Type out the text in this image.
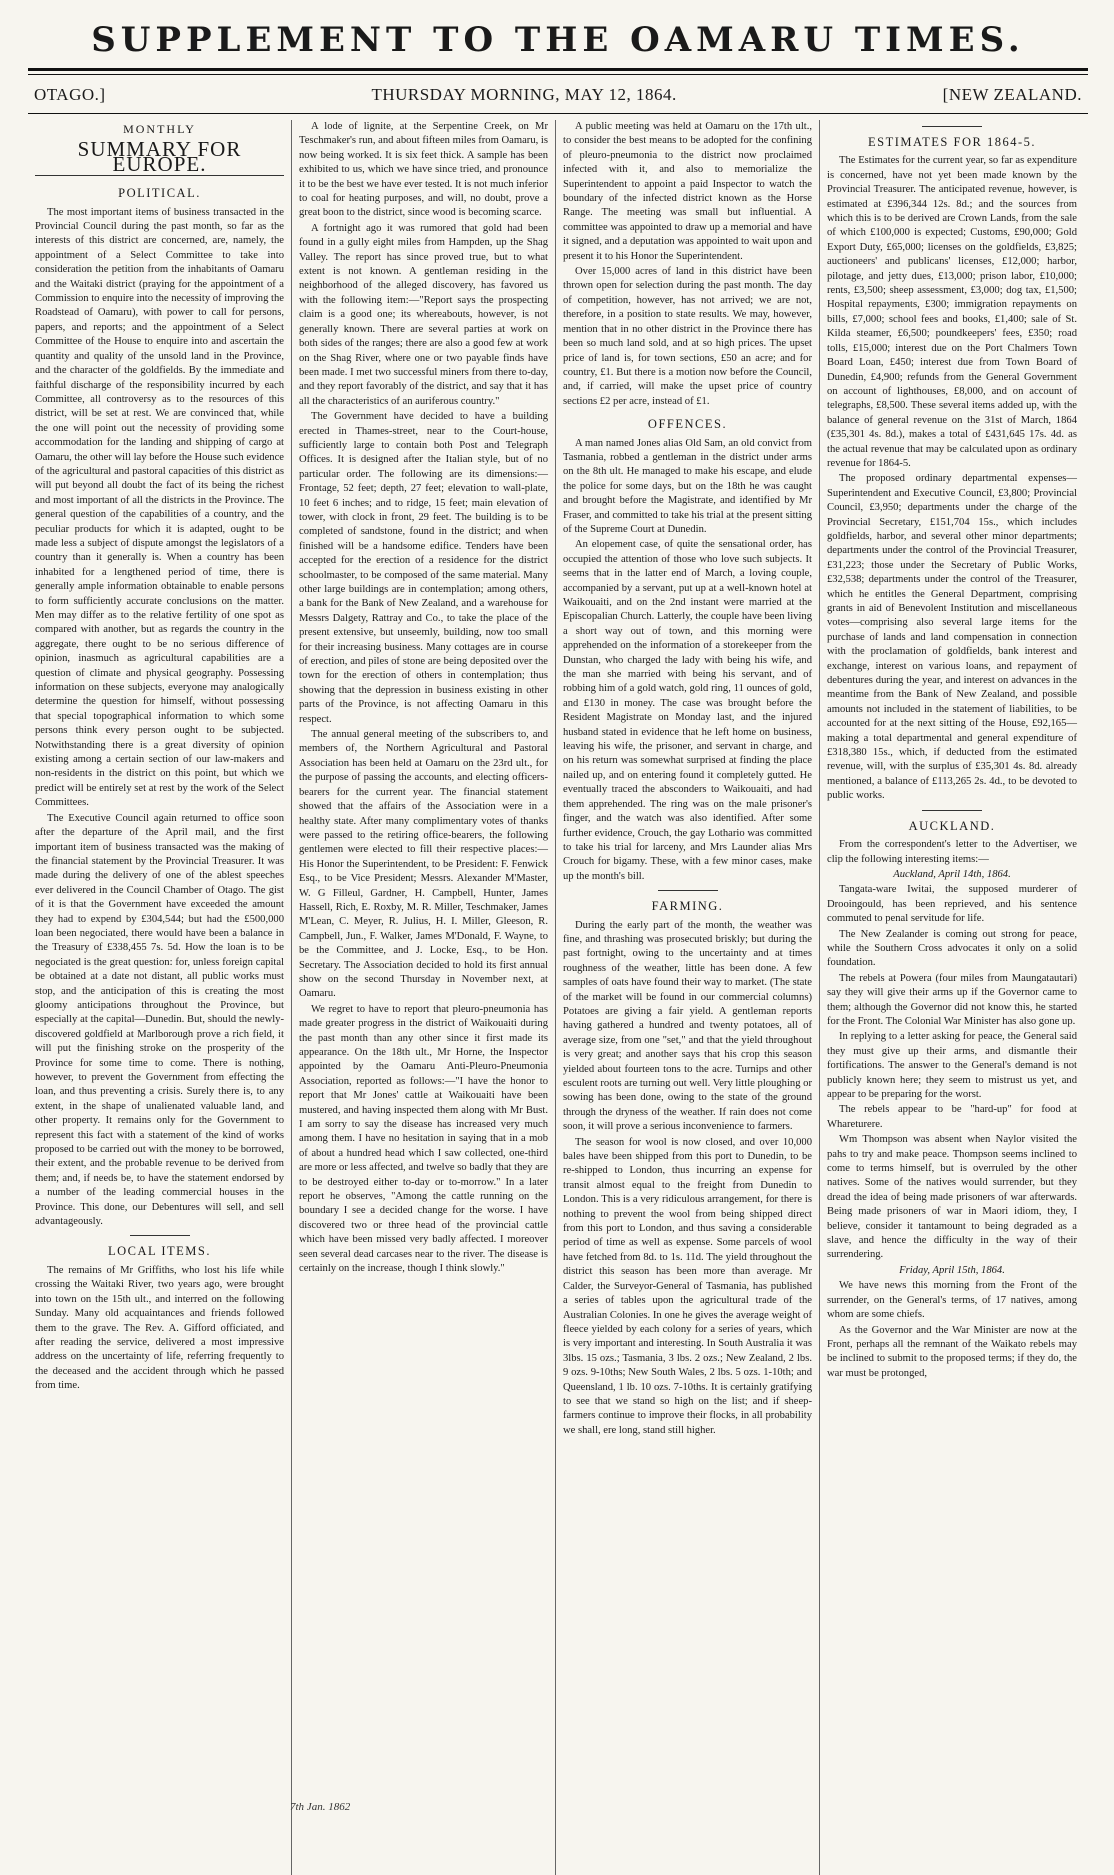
SUPPLEMENT TO THE OAMARU TIMES.
OTAGO.]	THURSDAY MORNING, MAY 12, 1864.	[NEW ZEALAND.
MONTHLY
SUMMARY FOR EUROPE.
POLITICAL.

The most important items of business transacted in the Provincial Council during the past month, so far as the interests of this district are concerned, are, namely, the appointment of a Select Committee to take into consideration the petition from the inhabitants of Oamaru and the Waitaki district (praying for the appointment of a Commission to enquire into the necessity of improving the Roadstead of Oamaru), with power to call for persons, papers, and reports; and the appointment of a Select Committee of the House to enquire into and ascertain the quantity and quality of the unsold land in the Province, and the character of the goldfields. By the immediate and faithful discharge of the responsibility incurred by each Committee, all controversy as to the resources of this district, will be set at rest. We are convinced that, while the one will point out the necessity of providing some accommodation for the landing and shipping of cargo at Oamaru, the other will lay before the House such evidence of the agricultural and pastoral capacities of this district as will put beyond all doubt the fact of its being the richest and most important of all the districts in the Province. The general question of the capabilities of a country, and the peculiar products for which it is adapted, ought to be made less a subject of dispute amongst the legislators of a country than it generally is. When a country has been inhabited for a lengthened period of time, there is generally ample information obtainable to enable persons to form sufficiently accurate conclusions on the matter. Men may differ as to the relative fertility of one spot as compared with another, but as regards the country in the aggregate, there ought to be no serious difference of opinion, inasmuch as agricultural capabilities are a question of climate and physical geography. Possessing information on these subjects, everyone may analogically determine the question for himself, without possessing that special topographical information to which some persons think every person ought to be subjected. Notwithstanding there is a great diversity of opinion existing among a certain section of our law-makers and non-residents in the district on this point, but which we predict will be entirely set at rest by the work of the Select Committees.

The Executive Council again returned to office soon after the departure of the April mail, and the first important item of business transacted was the making of the financial statement by the Provincial Treasurer. It was made during the delivery of one of the ablest speeches ever delivered in the Council Chamber of Otago. The gist of it is that the Government have exceeded the amount they had to expend by £304,544; but had the £500,000 loan been negociated, there would have been a balance in the Treasury of £338,455 7s. 5d. How the loan is to be negociated is the great question: for, unless foreign capital be obtained at a date not distant, all public works must stop, and the anticipation of this is creating the most gloomy anticipations throughout the Province, but especially at the capital—Dunedin. But, should the newly-discovered goldfield at Marlborough prove a rich field, it will put the finishing stroke on the prosperity of the Province for some time to come. There is nothing, however, to prevent the Government from effecting the loan, and thus preventing a crisis. Surely there is, to any extent, in the shape of unalienated valuable land, and other property. It remains only for the Government to represent this fact with a statement of the kind of works proposed to be carried out with the money to be borrowed, their extent, and the probable revenue to be derived from them; and, if needs be, to have the statement endorsed by a number of the leading commercial houses in the Province. This done, our Debentures will sell, and sell advantageously.

LOCAL ITEMS.

The remains of Mr Griffiths, who lost his life while crossing the Waitaki River, two years ago, were brought into town on the 15th ult., and interred on the following Sunday. Many old acquaintances and friends followed them to the grave. The Rev. A. Gifford officiated, and after reading the service, delivered a most impressive address on the uncertainty of life, referring frequently to the deceased and the accident through which he passed from time.

A lode of lignite, at the Serpentine Creek, on Mr Teschmaker's run, and about fifteen miles from Oamaru, is now being worked. It is six feet thick. A sample has been exhibited to us, which we have since tried, and pronounce it to be the best we have ever tested. It is not much inferior to coal for heating purposes, and will, no doubt, prove a great boon to the district, since wood is becoming scarce.

A fortnight ago it was rumored that gold had been found in a gully eight miles from Hampden, up the Shag Valley. The report has since proved true, but to what extent is not known. A gentleman residing in the neighborhood of the alleged discovery, has favored us with the following item:—"Report says the prospecting claim is a good one; its whereabouts, however, is not generally known. There are several parties at work on both sides of the ranges; there are also a good few at work on the Shag River, where one or two payable finds have been made. I met two successful miners from there to-day, and they report favorably of the district, and say that it has all the characteristics of an auriferous country."

The Government have decided to have a building erected in Thames-street, near to the Court-house, sufficiently large to contain both Post and Telegraph Offices. It is designed after the Italian style, but of no particular order. The following are its dimensions:—Frontage, 52 feet; depth, 27 feet; elevation to wall-plate, 10 feet 6 inches; and to ridge, 15 feet; main elevation of tower, with clock in front, 29 feet. The building is to be completed of sandstone, found in the district; and when finished will be a handsome edifice. Tenders have been accepted for the erection of a residence for the district schoolmaster, to be composed of the same material. Many other large buildings are in contemplation; among others, a bank for the Bank of New Zealand, and a warehouse for Messrs Dalgety, Rattray and Co., to take the place of the present extensive, but unseemly, building, now too small for their increasing business. Many cottages are in course of erection, and piles of stone are being deposited over the town for the erection of others in contemplation; thus showing that the depression in business existing in other parts of the Province, is not affecting Oamaru in this respect.

The annual general meeting of the subscribers to, and members of, the Northern Agricultural and Pastoral Association has been held at Oamaru on the 23rd ult., for the purpose of passing the accounts, and electing officers-bearers for the current year. The financial statement showed that the affairs of the Association were in a healthy state. After many complimentary votes of thanks were passed to the retiring office-bearers, the following gentlemen were elected to fill their respective places:—His Honor the Superintendent, to be President: F. Fenwick Esq., to be Vice President; Messrs. Alexander M'Master, W. G Filleul, Gardner, H. Campbell, Hunter, James Hassell, Rich, E. Roxby, M. R. Miller, Teschmaker, James M'Lean, C. Meyer, R. Julius, H. I. Miller, Gleeson, R. Campbell, Jun., F. Walker, James M'Donald, F. Wayne, to be the Committee, and J. Locke, Esq., to be Hon. Secretary. The Association decided to hold its first annual show on the second Thursday in November next, at Oamaru.

We regret to have to report that pleuro-pneumonia has made greater progress in the district of Waikouaiti during the past month than any other since it first made its appearance. On the 18th ult., Mr Horne, the Inspector appointed by the Oamaru Anti-Pleuro-Pneumonia Association, reported as follows:—"I have the honor to report that Mr Jones' cattle at Waikouaiti have been mustered, and having inspected them along with Mr Bust. I am sorry to say the disease has increased very much among them. I have no hesitation in saying that in a mob of about a hundred head which I saw collected, one-third are more or less affected, and twelve so badly that they are to be destroyed either to-day or to-morrow." In a later report he observes, "Among the cattle running on the boundary I see a decided change for the worse. I have discovered two or three head of the provincial cattle which have been missed very badly affected. I moreover seen several dead carcases near to the river. The disease is certainly on the increase, though I think slowly."

A public meeting was held at Oamaru on the 17th ult., to consider the best means to be adopted for the confining of pleuro-pneumonia to the district now proclaimed infected with it, and also to memorialize the Superintendent to appoint a paid Inspector to watch the boundary of the infected district known as the Horse Range. The meeting was small but influential. A committee was appointed to draw up a memorial and have it signed, and a deputation was appointed to wait upon and present it to his Honor the Superintendent.

Over 15,000 acres of land in this district have been thrown open for selection during the past month. The day of competition, however, has not arrived; we are not, therefore, in a position to state results. We may, however, mention that in no other district in the Province there has been so much land sold, and at so high prices. The upset price of land is, for town sections, £50 an acre; and for country, £1. But there is a motion now before the Council, and, if carried, will make the upset price of country sections £2 per acre, instead of £1.

OFFENCES.

A man named Jones alias Old Sam, an old convict from Tasmania, robbed a gentleman in the district under arms on the 8th ult. He managed to make his escape, and elude the police for some days, but on the 18th he was caught and brought before the Magistrate, and identified by Mr Fraser, and committed to take his trial at the present sitting of the Supreme Court at Dunedin.

An elopement case, of quite the sensational order, has occupied the attention of those who love such subjects. It seems that in the latter end of March, a loving couple, accompanied by a servant, put up at a well-known hotel at Waikouaiti, and on the 2nd instant were married at the Episcopalian Church. Latterly, the couple have been living a short way out of town, and this morning were apprehended on the information of a storekeeper from the Dunstan, who charged the lady with being his wife, and the man she married with being his servant, and of robbing him of a gold watch, gold ring, 11 ounces of gold, and £130 in money. The case was brought before the Resident Magistrate on Monday last, and the injured husband stated in evidence that he left home on business, leaving his wife, the prisoner, and servant in charge, and on his return was somewhat surprised at finding the place nailed up, and on entering found it completely gutted. He eventually traced the absconders to Waikouaiti, and had them apprehended. The ring was on the male prisoner's finger, and the watch was also identified. After some further evidence, Crouch, the gay Lothario was committed to take his trial for larceny, and Mrs Launder alias Mrs Crouch for bigamy. These, with a few minor cases, make up the month's bill.

FARMING.

During the early part of the month, the weather was fine, and thrashing was prosecuted briskly; but during the past fortnight, owing to the uncertainty and at times roughness of the weather, little has been done. A few samples of oats have found their way to market. (The state of the market will be found in our commercial columns) Potatoes are giving a fair yield. A gentleman reports having gathered a hundred and twenty potatoes, all of average size, from one "set," and that the yield throughout is very great; and another says that his crop this season yielded about fourteen tons to the acre. Turnips and other esculent roots are turning out well. Very little ploughing or sowing has been done, owing to the state of the ground through the dryness of the weather. If rain does not come soon, it will prove a serious inconvenience to farmers.

The season for wool is now closed, and over 10,000 bales have been shipped from this port to Dunedin, to be re-shipped to London, thus incurring an expense for transit almost equal to the freight from Dunedin to London. This is a very ridiculous arrangement, for there is nothing to prevent the wool from being shipped direct from this port to London, and thus saving a considerable period of time as well as expense. Some parcels of wool have fetched from 8d. to 1s. 11d. The yield throughout the district this season has been more than average. Mr Calder, the Surveyor-General of Tasmania, has published a series of tables upon the agricultural trade of the Australian Colonies. In one he gives the average weight of fleece yielded by each colony for a series of years, which is very important and interesting. In South Australia it was 3lbs. 15 ozs.; Tasmania, 3 lbs. 2 ozs.; New Zealand, 2 lbs. 9 ozs. 9-10ths; New South Wales, 2 lbs. 5 ozs. 1-10th; and Queensland, 1 lb. 10 ozs. 7-10ths. It is certainly gratifying to see that we stand so high on the list; and if sheep-farmers continue to improve their flocks, in all probability we shall, ere long, stand still higher.

ESTIMATES FOR 1864-5.

The Estimates for the current year, so far as expenditure is concerned, have not yet been made known by the Provincial Treasurer. The anticipated revenue, however, is estimated at £396,344 12s. 8d.; and the sources from which this is to be derived are Crown Lands, from the sale of which £100,000 is expected; Customs, £90,000; Gold Export Duty, £65,000; licenses on the goldfields, £3,825; auctioneers' and publicans' licenses, £12,000; harbor, pilotage, and jetty dues, £13,000; prison labor, £10,000; rents, £3,500; sheep assessment, £3,000; dog tax, £1,500; Hospital repayments, £300; immigration repayments on bills, £7,000; school fees and books, £1,400; sale of St. Kilda steamer, £6,500; poundkeepers' fees, £350; road tolls, £15,000; interest due on the Port Chalmers Town Board Loan, £450; interest due from Town Board of Dunedin, £4,900; refunds from the General Government on account of lighthouses, £8,000, and on account of telegraphs, £8,500. These several items added up, with the balance of general revenue on the 31st of March, 1864 (£35,301 4s. 8d.), makes a total of £431,645 17s. 4d. as the actual revenue that may be calculated upon as ordinary revenue for 1864-5.

The proposed ordinary departmental expenses—Superintendent and Executive Council, £3,800; Provincial Council, £3,950; departments under the charge of the Provincial Secretary, £151,704 15s., which includes goldfields, harbor, and several other minor departments; departments under the control of the Provincial Treasurer, £31,223; those under the Secretary of Public Works, £32,538; departments under the control of the Treasurer, which he entitles the General Department, comprising grants in aid of Benevolent Institution and miscellaneous votes—comprising also several large items for the purchase of lands and land compensation in connection with the proclamation of goldfields, bank interest and exchange, interest on various loans, and repayment of debentures during the year, and interest on advances in the meantime from the Bank of New Zealand, and possible amounts not included in the statement of liabilities, to be accounted for at the next sitting of the House, £92,165—making a total departmental and general expenditure of £318,380 15s., which, if deducted from the estimated revenue, will, with the surplus of £35,301 4s. 8d. already mentioned, a balance of £113,265 2s. 4d., to be devoted to public works.

AUCKLAND.

From the correspondent's letter to the Advertiser, we clip the following interesting items:—

Auckland, April 14th, 1864.

Tangata-ware Iwitai, the supposed murderer of Drooingould, has been reprieved, and his sentence commuted to penal servitude for life.

The New Zealander is coming out strong for peace, while the Southern Cross advocates it only on a solid foundation.

The rebels at Powera (four miles from Maungatautari) say they will give their arms up if the Governor came to them; although the Governor did not know this, he started for the Front. The Colonial War Minister has also gone up.

In replying to a letter asking for peace, the General said they must give up their arms, and dismantle their fortifications. The answer to the General's demand is not publicly known here; they seem to mistrust us yet, and appear to be preparing for the worst.

The rebels appear to be "hard-up" for food at Whareturere.

Wm Thompson was absent when Naylor visited the pahs to try and make peace. Thompson seems inclined to come to terms himself, but is overruled by the other natives. Some of the natives would surrender, but they dread the idea of being made prisoners of war afterwards. Being made prisoners of war in Maori idiom, they, I believe, consider it tantamount to being degraded as a slave, and hence the difficulty in the way of their surrendering.

Friday, April 15th, 1864.

We have news this morning from the Front of the surrender, on the General's terms, of 17 natives, among whom are some chiefs.

As the Governor and the War Minister are now at the Front, perhaps all the remnant of the Waikato rebels may be inclined to submit to the proposed terms; if they do, the war must be protonged,

7th Jan. 1862
